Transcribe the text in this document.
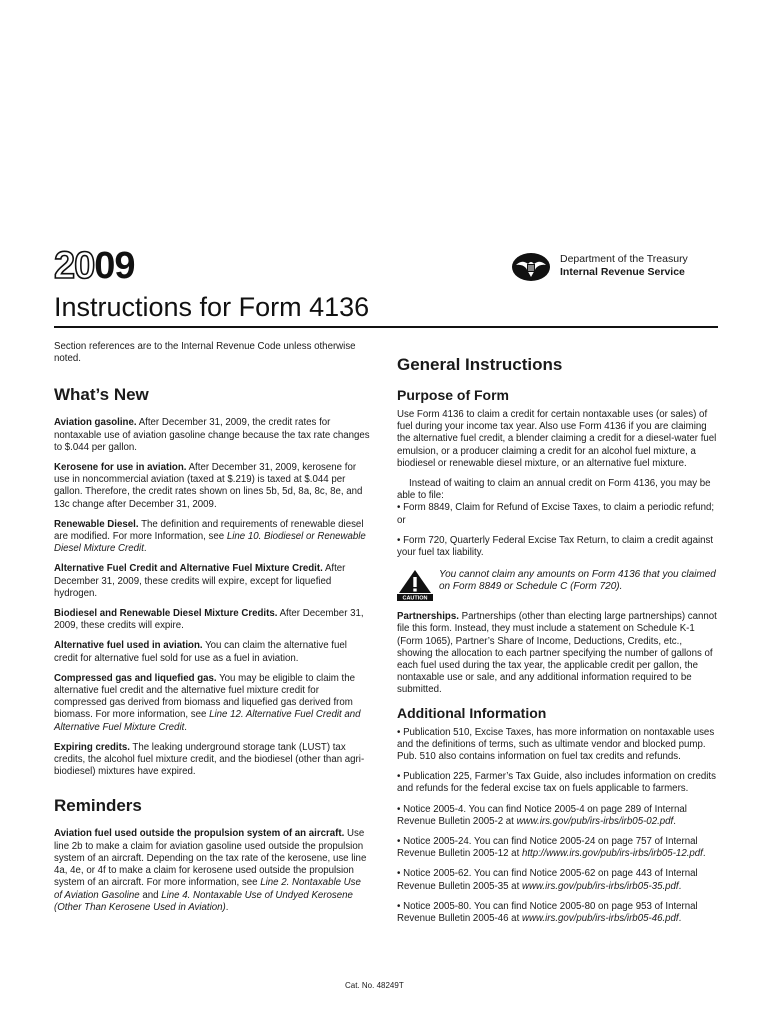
2009	Department of the Treasury
Internal Revenue Service
Instructions for Form 4136

Section references are to the Internal Revenue Code unless otherwise noted.

What’s New

Aviation gasoline. After December 31, 2009, the credit rates for nontaxable use of aviation gasoline change because the tax rate changes to $.044 per gallon.

Kerosene for use in aviation. After December 31, 2009, kerosene for use in noncommercial aviation (taxed at $.219) is taxed at $.044 per gallon. Therefore, the credit rates shown on lines 5b, 5d, 8a, 8c, 8e, and 13c change after December 31, 2009.

Renewable Diesel. The definition and requirements of renewable diesel are modified. For more Information, see Line 10. Biodiesel or Renewable Diesel Mixture Credit.

Alternative Fuel Credit and Alternative Fuel Mixture Credit. After December 31, 2009, these credits will expire, except for liquefied hydrogen.

Biodiesel and Renewable Diesel Mixture Credits. After December 31, 2009, these credits will expire.

Alternative fuel used in aviation. You can claim the alternative fuel credit for alternative fuel sold for use as a fuel in aviation.

Compressed gas and liquefied gas. You may be eligible to claim the alternative fuel credit and the alternative fuel mixture credit for compressed gas derived from biomass and liquefied gas derived from biomass. For more information, see Line 12. Alternative Fuel Credit and Alternative Fuel Mixture Credit.

Expiring credits. The leaking underground storage tank (LUST) tax credits, the alcohol fuel mixture credit, and the biodiesel (other than agri-biodiesel) mixtures have expired.

Reminders

Aviation fuel used outside the propulsion system of an aircraft. Use line 2b to make a claim for aviation gasoline used outside the propulsion system of an aircraft. Depending on the tax rate of the kerosene, use line 4a, 4e, or 4f to make a claim for kerosene used outside the propulsion system of an aircraft. For more information, see Line 2. Nontaxable Use of Aviation Gasoline and Line 4. Nontaxable Use of Undyed Kerosene (Other Than Kerosene Used in Aviation).

General Instructions
Purpose of Form

Use Form 4136 to claim a credit for certain nontaxable uses (or sales) of fuel during your income tax year. Also use Form 4136 if you are claiming the alternative fuel credit, a blender claiming a credit for a diesel-water fuel emulsion, or a producer claiming a credit for an alcohol fuel mixture, a biodiesel or renewable diesel mixture, or an alternative fuel mixture.

Instead of waiting to claim an annual credit on Form 4136, you may be able to file:

• Form 8849, Claim for Refund of Excise Taxes, to claim a periodic refund; or

• Form 720, Quarterly Federal Excise Tax Return, to claim a credit against your fuel tax liability.

CAUTION
You cannot claim any amounts on Form 4136 that you claimed on Form 8849 or Schedule C (Form 720).

Partnerships. Partnerships (other than electing large partnerships) cannot file this form. Instead, they must include a statement on Schedule K-1 (Form 1065), Partner’s Share of Income, Deductions, Credits, etc., showing the allocation to each partner specifying the number of gallons of each fuel used during the tax year, the applicable credit per gallon, the nontaxable use or sale, and any additional information required to be submitted.

Additional Information

• Publication 510, Excise Taxes, has more information on nontaxable uses and the definitions of terms, such as ultimate vendor and blocked pump. Pub. 510 also contains information on fuel tax credits and refunds.

• Publication 225, Farmer’s Tax Guide, also includes information on credits and refunds for the federal excise tax on fuels applicable to farmers.

• Notice 2005-4. You can find Notice 2005-4 on page 289 of Internal Revenue Bulletin 2005-2 at www.irs.gov/pub/irs-irbs/irb05-02.pdf.

• Notice 2005-24. You can find Notice 2005-24 on page 757 of Internal Revenue Bulletin 2005-12 at http://www.irs.gov/pub/irs-irbs/irb05-12.pdf.

• Notice 2005-62. You can find Notice 2005-62 on page 443 of Internal Revenue Bulletin 2005-35 at www.irs.gov/pub/irs-irbs/irb05-35.pdf.

• Notice 2005-80. You can find Notice 2005-80 on page 953 of Internal Revenue Bulletin 2005-46 at www.irs.gov/pub/irs-irbs/irb05-46.pdf.

Cat. No. 48249T
